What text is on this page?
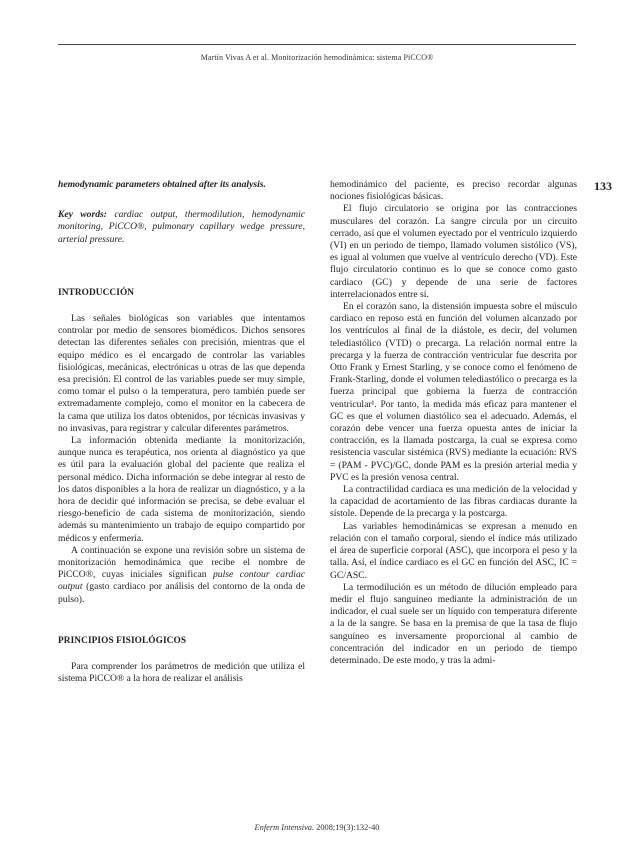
Martín Vivas A et al. Monitorización hemodinámica: sistema PiCCO®
133

hemodynamic parameters obtained after its analysis.

Key words: cardiac output, thermodilution, hemodynamic monitoring, PiCCO®, pulmonary capillary wedge pressure, arterial pressure.

INTRODUCCIÓN

Las señales biológicas son variables que intentamos controlar por medio de sensores biomédicos. Dichos sensores detectan las diferentes señales con precisión, mientras que el equipo médico es el encargado de controlar las variables fisiológicas, mecánicas, electrónicas u otras de las que dependa esa precisión. El control de las variables puede ser muy simple, como tomar el pulso o la temperatura, pero también puede ser extremadamente complejo, como el monitor en la cabecera de la cama que utiliza los datos obtenidos, por técnicas invasivas y no invasivas, para registrar y calcular diferentes parámetros.

La información obtenida mediante la monitorización, aunque nunca es terapéutica, nos orienta al diagnóstico ya que es útil para la evaluación global del paciente que realiza el personal médico. Dicha información se debe integrar al resto de los datos disponibles a la hora de realizar un diagnóstico, y a la hora de decidir qué información se precisa, se debe evaluar el riesgo-beneficio de cada sistema de monitorización, siendo además su mantenimiento un trabajo de equipo compartido por médicos y enfermería.

A continuación se expone una revisión sobre un sistema de monitorización hemodinámica que recibe el nombre de PiCCO®, cuyas iniciales significan pulse contour cardiac output (gasto cardiaco por análisis del contorno de la onda de pulso).

PRINCIPIOS FISIOLÓGICOS

Para comprender los parámetros de medición que utiliza el sistema PiCCO® a la hora de realizar el análisis

hemodinámico del paciente, es preciso recordar algunas nociones fisiológicas básicas.

El flujo circulatorio se origina por las contracciones musculares del corazón. La sangre circula por un circuito cerrado, así que el volumen eyectado por el ventrículo izquierdo (VI) en un periodo de tiempo, llamado volumen sistólico (VS), es igual al volumen que vuelve al ventrículo derecho (VD). Este flujo circulatorio continuo es lo que se conoce como gasto cardiaco (GC) y depende de una serie de factores interrelacionados entre sí.

En el corazón sano, la distensión impuesta sobre el músculo cardiaco en reposo está en función del volumen alcanzado por los ventrículos al final de la diástole, es decir, del volumen telediastólico (VTD) o precarga. La relación normal entre la precarga y la fuerza de contracción ventricular fue descrita por Otto Frank y Ernest Starling, y se conoce como el fenómeno de Frank-Starling, donde el volumen telediastólico o precarga es la fuerza principal que gobierna la fuerza de contracción ventricular¹. Por tanto, la medida más eficaz para mantener el GC es que el volumen diastólico sea el adecuado. Además, el corazón debe vencer una fuerza opuesta antes de iniciar la contracción, es la llamada postcarga, la cual se expresa como resistencia vascular sistémica (RVS) mediante la ecuación: RVS = (PAM - PVC)/GC, donde PAM es la presión arterial media y PVC es la presión venosa central.

La contractilidad cardiaca es una medición de la velocidad y la capacidad de acortamiento de las fibras cardiacas durante la sístole. Depende de la precarga y la postcarga.

Las variables hemodinámicas se expresan a menudo en relación con el tamaño corporal, siendo el índice más utilizado el área de superficie corporal (ASC), que incorpora el peso y la talla. Así, el índice cardiaco es el GC en función del ASC, IC = GC/ASC.

La termodilución es un método de dilución empleado para medir el flujo sanguíneo mediante la administración de un indicador, el cual suele ser un líquido con temperatura diferente a la de la sangre. Se basa en la premisa de que la tasa de flujo sanguíneo es inversamente proporcional al cambio de concentración del indicador en un periodo de tiempo determinado. De este modo, y tras la admi-

Enferm Intensiva. 2008;19(3):132-40
